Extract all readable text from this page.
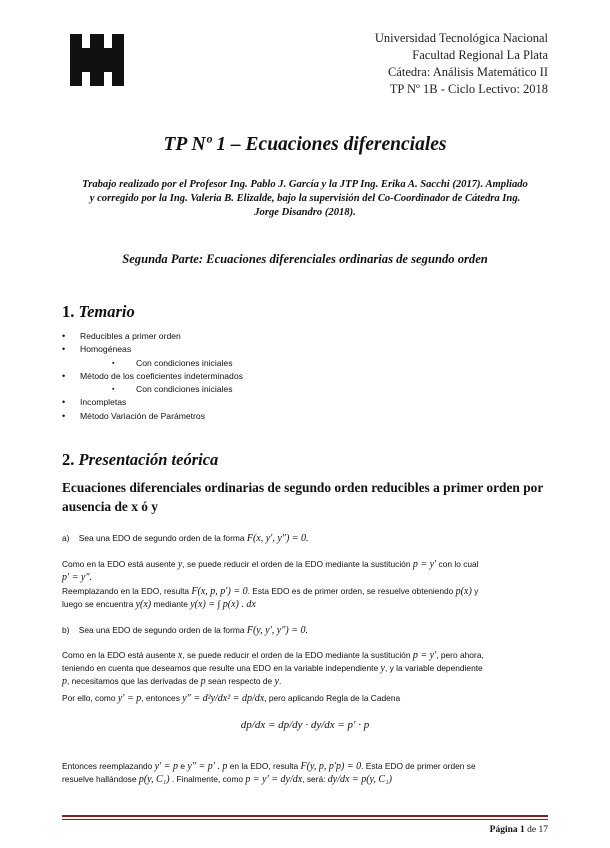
Universidad Tecnológica Nacional
Facultad Regional La Plata
Cátedra: Análisis Matemático II
TP Nº 1B - Ciclo Lectivo: 2018
TP Nº 1 – Ecuaciones diferenciales
Trabajo realizado por el Profesor Ing. Pablo J. García y la JTP Ing. Erika A. Sacchi (2017). Ampliado y corregido por la Ing. Valeria B. Elizalde, bajo la supervisión del Co-Coordinador de Cátedra Ing. Jorge Disandro (2018).
Segunda Parte: Ecuaciones diferenciales ordinarias de segundo orden
1. Temario
• Reducibles a primer orden
• Homogéneas
▪ Con condiciones iniciales
• Método de los coeficientes indeterminados
▪ Con condiciones iniciales
• Incompletas
• Método Variación de Parámetros
2. Presentación teórica
Ecuaciones diferenciales ordinarias de segundo orden reducibles a primer orden por ausencia de x ó y
a) Sea una EDO de segundo orden de la forma F(x, y′, y″) = 0.
Como en la EDO está ausente y, se puede reducir el orden de la EDO mediante la sustitución p = y′ con lo cual
p′ = y″.
Reemplazando en la EDO, resulta F(x, p, p′) = 0. Esta EDO es de primer orden, se resuelve obteniendo p(x) y
luego se encuentra y(x) mediante y(x) = ∫ p(x) . dx
b) Sea una EDO de segundo orden de la forma F(y, y′, y″) = 0.
Como en la EDO está ausente x, se puede reducir el orden de la EDO mediante la sustitución p = y′, pero ahora,
teniendo en cuenta que deseamos que resulte una EDO en la variable independiente y, y la variable dependiente
p, necesitamos que las derivadas de p sean respecto de y.
Por ello, como y′ = p, entonces y″ = d²y/dx² = dp/dx, pero aplicando Regla de la Cadena
dp/dx = dp/dy · dy/dx = p′ · p
Entonces reemplazando y′ = p e y″ = p′ . p en la EDO, resulta F(y, p, p′p) = 0. Esta EDO de primer orden se
resuelve hallándose p(y, C₁) . Finalmente, como p = y′ = dy/dx, será: dy/dx = p(y, C₁)
Página 1 de 17
